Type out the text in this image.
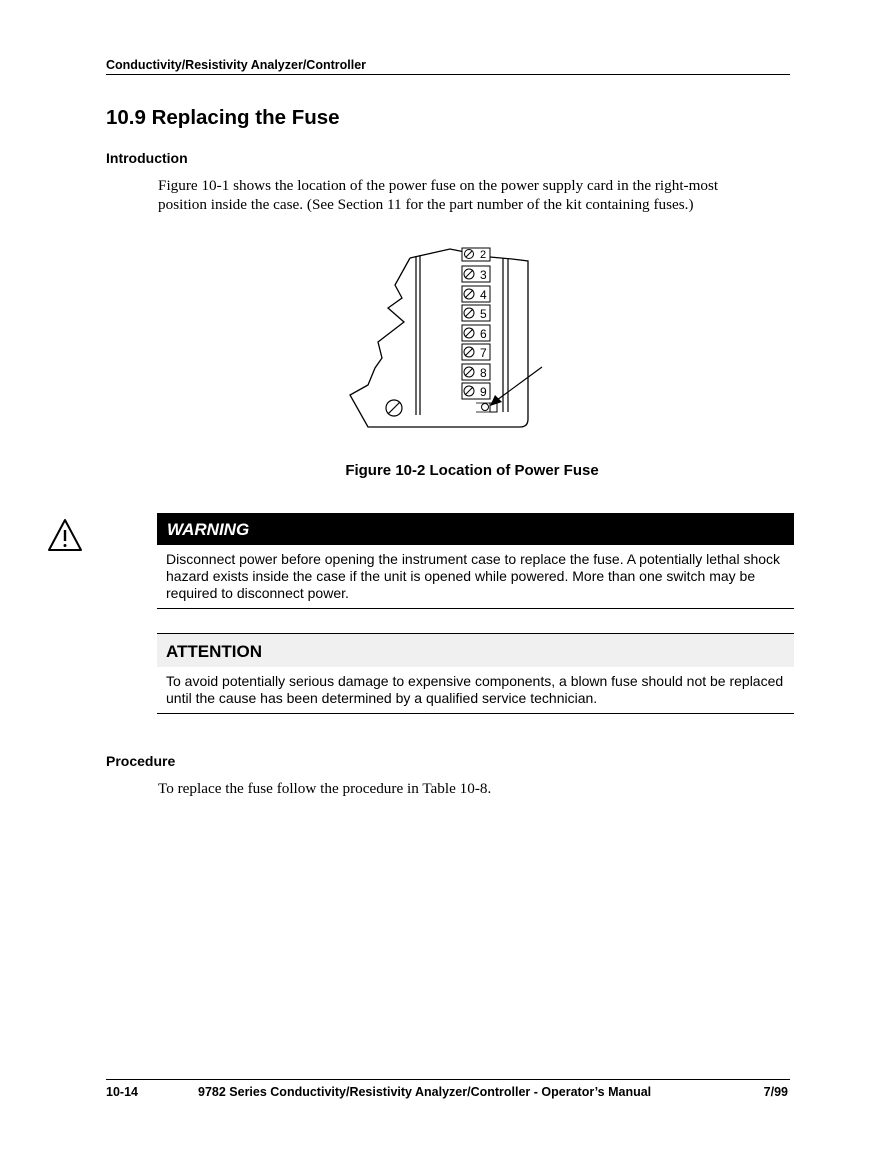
Conductivity/Resistivity Analyzer/Controller
10.9 Replacing the Fuse
Introduction

Figure 10-1 shows the location of the power fuse on the power supply card in the right-most position inside the case. (See Section 11 for the part number of the kit containing fuses.)

2
3
4
5
6
7
8
9
Figure 10-2 Location of Power Fuse
WARNING
Disconnect power before opening the instrument case to replace the fuse. A potentially lethal shock hazard exists inside the case if the unit is opened while powered. More than one switch may be required to disconnect power.
ATTENTION
To avoid potentially serious damage to expensive components, a blown fuse should not be replaced until the cause has been determined by a qualified service technician.
Procedure

To replace the fuse follow the procedure in Table 10-8.

10-14	9782 Series Conductivity/Resistivity Analyzer/Controller - Operator’s Manual	7/99
